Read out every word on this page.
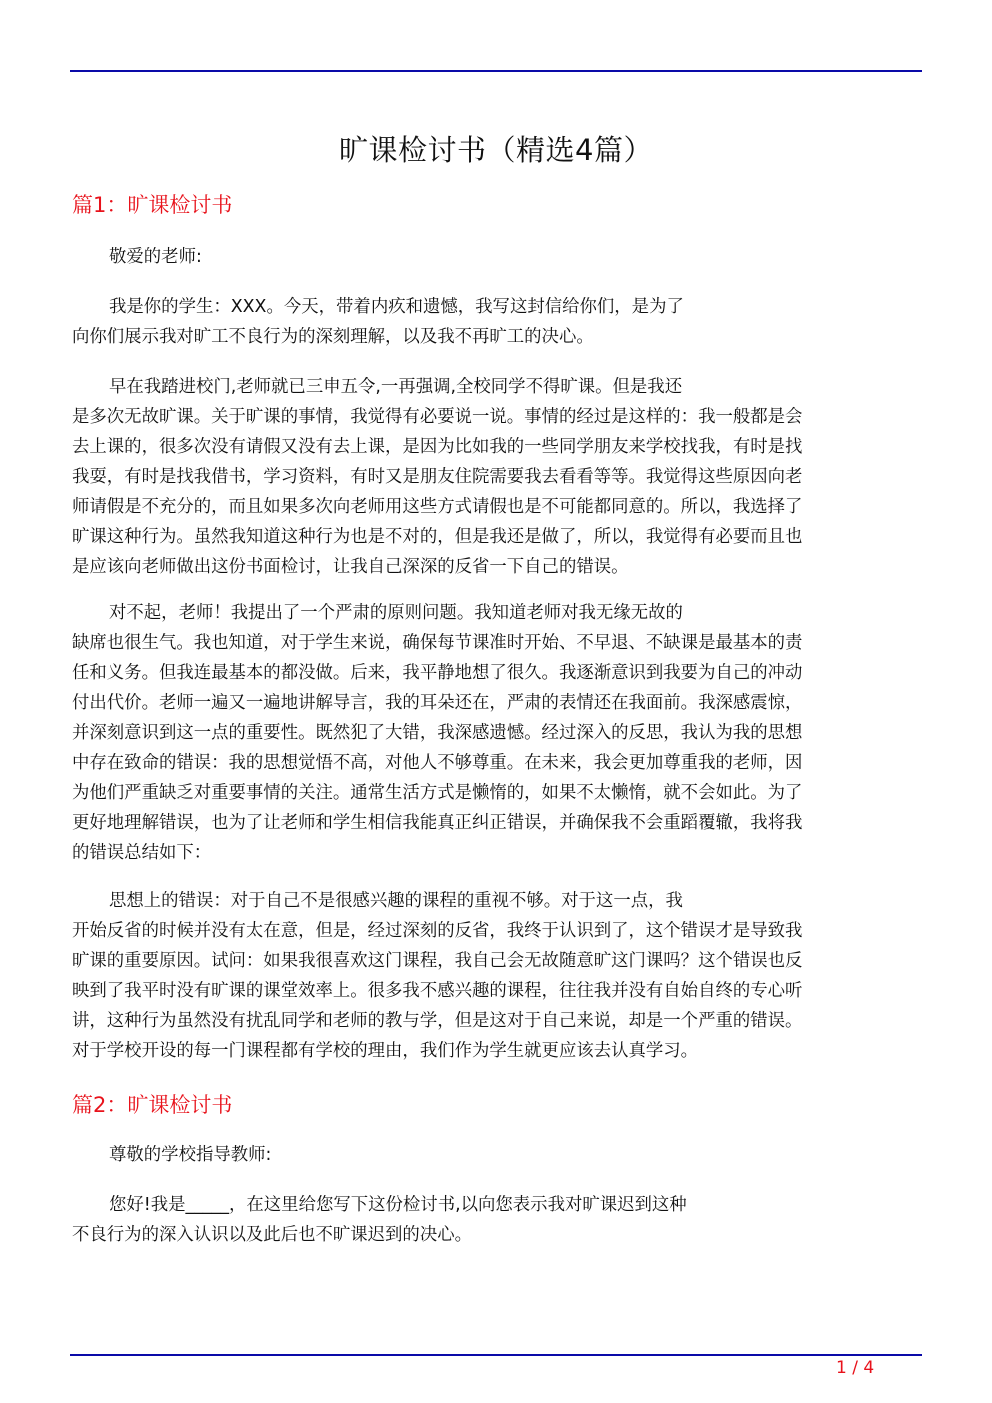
旷课检讨书（精选4篇）
篇1：旷课检讨书
敬爱的老师:
我是你的学生：XXX。今天，带着内疚和遗憾，我写这封信给你们，是为了
向你们展示我对旷工不良行为的深刻理解，以及我不再旷工的决心。
早在我踏进校门,老师就已三申五令,一再强调,全校同学不得旷课。但是我还
是多次无故旷课。关于旷课的事情，我觉得有必要说一说。事情的经过是这样的：我一般都是会
去上课的，很多次没有请假又没有去上课，是因为比如我的一些同学朋友来学校找我，有时是找
我耍，有时是找我借书，学习资料，有时又是朋友住院需要我去看看等等。我觉得这些原因向老
师请假是不充分的，而且如果多次向老师用这些方式请假也是不可能都同意的。所以，我选择了
旷课这种行为。虽然我知道这种行为也是不对的，但是我还是做了，所以，我觉得有必要而且也
是应该向老师做出这份书面检讨，让我自己深深的反省一下自己的错误。
对不起，老师！我提出了一个严肃的原则问题。我知道老师对我无缘无故的
缺席也很生气。我也知道，对于学生来说，确保每节课准时开始、不早退、不缺课是最基本的责
任和义务。但我连最基本的都没做。后来，我平静地想了很久。我逐渐意识到我要为自己的冲动
付出代价。老师一遍又一遍地讲解导言，我的耳朵还在，严肃的表情还在我面前。我深感震惊，
并深刻意识到这一点的重要性。既然犯了大错，我深感遗憾。经过深入的反思，我认为我的思想
中存在致命的错误：我的思想觉悟不高，对他人不够尊重。在未来，我会更加尊重我的老师，因
为他们严重缺乏对重要事情的关注。通常生活方式是懒惰的，如果不太懒惰，就不会如此。为了
更好地理解错误，也为了让老师和学生相信我能真正纠正错误，并确保我不会重蹈覆辙，我将我
的错误总结如下：
思想上的错误：对于自己不是很感兴趣的课程的重视不够。对于这一点，我
开始反省的时候并没有太在意，但是，经过深刻的反省，我终于认识到了，这个错误才是导致我
旷课的重要原因。试问：如果我很喜欢这门课程，我自己会无故随意旷这门课吗？这个错误也反
映到了我平时没有旷课的课堂效率上。很多我不感兴趣的课程，往往我并没有自始自终的专心听
讲，这种行为虽然没有扰乱同学和老师的教与学，但是这对于自己来说，却是一个严重的错误。
对于学校开设的每一门课程都有学校的理由，我们作为学生就更应该去认真学习。
篇2：旷课检讨书
尊敬的学校指导教师:
您好!我是_____，在这里给您写下这份检讨书,以向您表示我对旷课迟到这种
不良行为的深入认识以及此后也不旷课迟到的决心。
1 / 4
